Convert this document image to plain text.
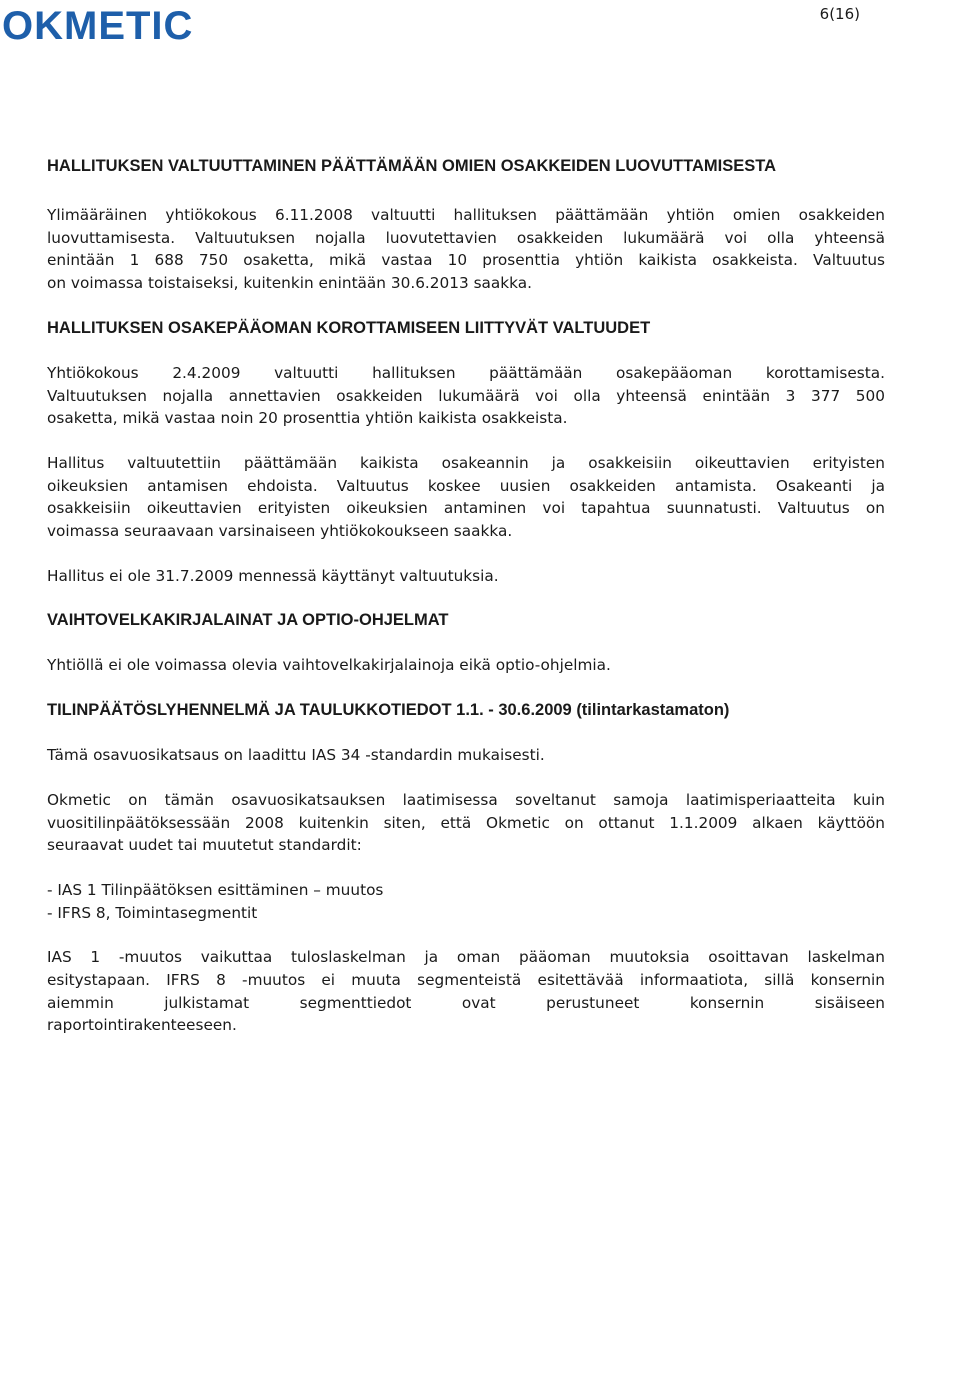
OKMETIC	6(16)
HALLITUKSEN VALTUUTTAMINEN PÄÄTTÄMÄÄN OMIEN OSAKKEIDEN LUOVUTTAMISESTA
Ylimääräinen yhtiökokous 6.11.2008 valtuutti hallituksen päättämään yhtiön omien osakkeiden
luovuttamisesta. Valtuutuksen nojalla luovutettavien osakkeiden lukumäärä voi olla yhteensä
enintään 1 688 750 osaketta, mikä vastaa 10 prosenttia yhtiön kaikista osakkeista. Valtuutus
on voimassa toistaiseksi, kuitenkin enintään 30.6.2013 saakka.
HALLITUKSEN OSAKEPÄÄOMAN KOROTTAMISEEN LIITTYVÄT VALTUUDET
Yhtiökokous 2.4.2009 valtuutti hallituksen päättämään osakepääoman korottamisesta.
Valtuutuksen nojalla annettavien osakkeiden lukumäärä voi olla yhteensä enintään 3 377 500
osaketta, mikä vastaa noin 20 prosenttia yhtiön kaikista osakkeista.
Hallitus valtuutettiin päättämään kaikista osakeannin ja osakkeisiin oikeuttavien erityisten
oikeuksien antamisen ehdoista. Valtuutus koskee uusien osakkeiden antamista. Osakeanti ja
osakkeisiin oikeuttavien erityisten oikeuksien antaminen voi tapahtua suunnatusti. Valtuutus on
voimassa seuraavaan varsinaiseen yhtiökokoukseen saakka.
Hallitus ei ole 31.7.2009 mennessä käyttänyt valtuutuksia.
VAIHTOVELKAKIRJALAINAT JA OPTIO-OHJELMAT
Yhtiöllä ei ole voimassa olevia vaihtovelkakirjalainoja eikä optio-ohjelmia.
TILINPÄÄTÖSLYHENNELMÄ JA TAULUKKOTIEDOT 1.1. - 30.6.2009 (tilintarkastamaton)
Tämä osavuosikatsaus on laadittu IAS 34 -standardin mukaisesti.
Okmetic on tämän osavuosikatsauksen laatimisessa soveltanut samoja laatimisperiaatteita kuin
vuositilinpäätöksessään 2008 kuitenkin siten, että Okmetic on ottanut 1.1.2009 alkaen käyttöön
seuraavat uudet tai muutetut standardit:
- IAS 1 Tilinpäätöksen esittäminen – muutos
- IFRS 8, Toimintasegmentit
IAS 1 -muutos vaikuttaa tuloslaskelman ja oman pääoman muutoksia osoittavan laskelman
esitystapaan. IFRS 8 -muutos ei muuta segmenteistä esitettävää informaatiota, sillä konsernin
aiemmin julkistamat segmenttiedot ovat perustuneet konsernin sisäiseen
raportointirakenteeseen.
